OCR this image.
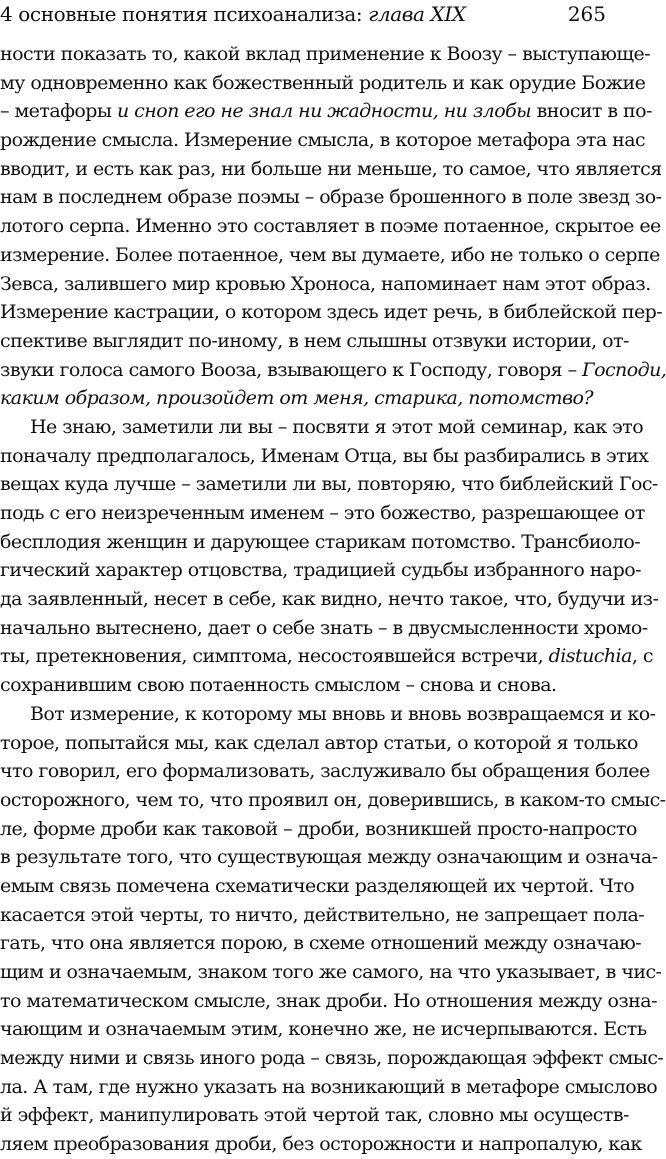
4 основные понятия психоанализа: глава XIX	265
ности показать то, какой вклад применение к Воозу – выступающе-
му одновременно как божественный родитель и как орудие Божие
– метафоры и сноп его не знал ни жадности, ни злобы вносит в по-
рождение смысла. Измерение смысла, в которое метафора эта нас
вводит, и есть как раз, ни больше ни меньше, то самое, что является
нам в последнем образе поэмы – образе брошенного в поле звезд зо-
лотого серпа. Именно это составляет в поэме потаенное, скрытое ее
измерение. Более потаенное, чем вы думаете, ибо не только о серпе
Зевса, залившего мир кровью Хроноса, напоминает нам этот образ.
Измерение кастрации, о котором здесь идет речь, в библейской пер-
спективе выглядит по-иному, в нем слышны отзвуки истории, от-
звуки голоса самого Вооза, взывающего к Господу, говоря – Господи,
каким образом, произойдет от меня, старика, потомство?
Не знаю, заметили ли вы – посвяти я этот мой семинар, как это
поначалу предполагалось, Именам Отца, вы бы разбирались в этих
вещах куда лучше – заметили ли вы, повторяю, что библейский Гос-
подь с его неизреченным именем – это божество, разрешающее от
бесплодия женщин и дарующее старикам потомство. Трансбиоло-
гический характер отцовства, традицией судьбы избранного наро-
да заявленный, несет в себе, как видно, нечто такое, что, будучи из-
начально вытеснено, дает о себе знать – в двусмысленности хромо-
ты, претекновения, симптома, несостоявшейся встречи, distuchia, с
сохранившим свою потаенность смыслом – снова и снова.
Вот измерение, к которому мы вновь и вновь возвращаемся и ко-
торое, попытайся мы, как сделал автор статьи, о которой я только
что говорил, его формализовать, заслуживало бы обращения более
осторожного, чем то, что проявил он, доверившись, в каком-то смыс-
ле, форме дроби как таковой – дроби, возникшей просто-напросто
в результате того, что существующая между означающим и означа-
емым связь помечена схематически разделяющей их чертой. Что
касается этой черты, то ничто, действительно, не запрещает пола-
гать, что она является порою, в схеме отношений между означаю-
щим и означаемым, знаком того же самого, на что указывает, в чис-
то математическом смысле, знак дроби. Но отношения между озна-
чающим и означаемым этим, конечно же, не исчерпываются. Есть
между ними и связь иного рода – связь, порождающая эффект смыс-
ла. А там, где нужно указать на возникающий в метафоре смыслово
й эффект, манипулировать этой чертой так, словно мы осуществ-
ляем преобразования дроби, без осторожности и напропалую, как
